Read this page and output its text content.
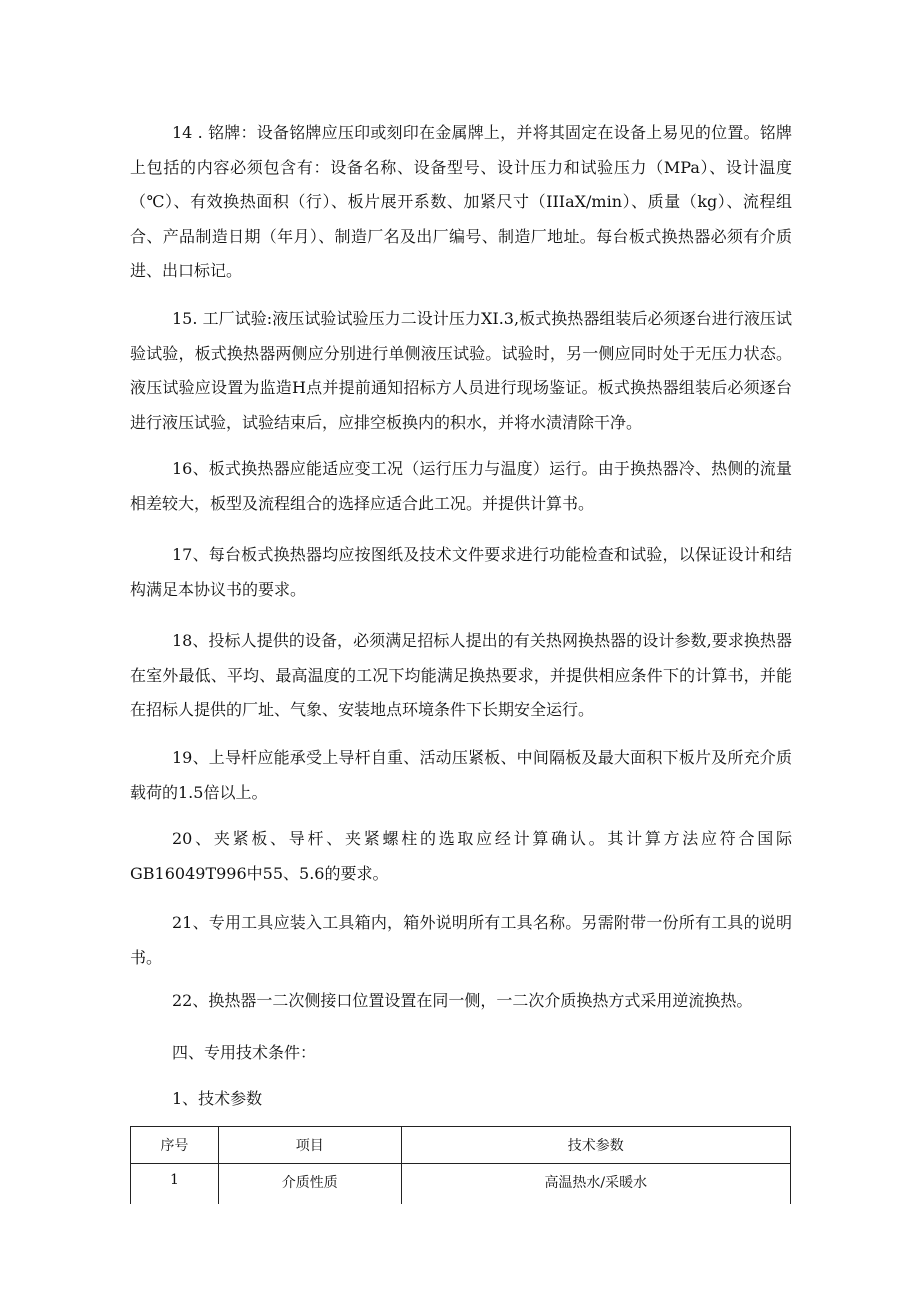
14 . 铭牌：设备铭牌应压印或刻印在金属牌上，并将其固定在设备上易见的位置。铭牌上包括的内容必须包含有：设备名称、设备型号、设计压力和试验压力（MPa）、设计温度（℃）、有效换热面积（行）、板片展开系数、加紧尺寸（IIIaX/min）、质量（kg）、流程组合、产品制造日期（年月）、制造厂名及出厂编号、制造厂地址。每台板式换热器必须有介质进、出口标记。

15. 工厂试验:液压试验试验压力二设计压力XI.3,板式换热器组装后必须逐台进行液压试验试验，板式换热器两侧应分别进行单侧液压试验。试验时，另一侧应同时处于无压力状态。液压试验应设置为监造H点并提前通知招标方人员进行现场鉴证。板式换热器组装后必须逐台进行液压试验，试验结束后，应排空板换内的积水，并将水渍清除干净。

16、板式换热器应能适应变工况（运行压力与温度）运行。由于换热器冷、热侧的流量相差较大，板型及流程组合的选择应适合此工况。并提供计算书。

17、每台板式换热器均应按图纸及技术文件要求进行功能检查和试验，以保证设计和结构满足本协议书的要求。

18、投标人提供的设备，必须满足招标人提出的有关热网换热器的设计参数,要求换热器在室外最低、平均、最高温度的工况下均能满足换热要求，并提供相应条件下的计算书，并能在招标人提供的厂址、气象、安装地点环境条件下长期安全运行。

19、上导杆应能承受上导杆自重、活动压紧板、中间隔板及最大面积下板片及所充介质载荷的1.5倍以上。

20、夹紧板、导杆、夹紧螺柱的选取应经计算确认。其计算方法应符合国际GB16049T996中55、5.6的要求。

21、专用工具应装入工具箱内，箱外说明所有工具名称。另需附带一份所有工具的说明书。

22、换热器一二次侧接口位置设置在同一侧，一二次介质换热方式采用逆流换热。

四、专用技术条件：

1、技术参数

序号	项目	技术参数
1	介质性质	高温热水/采暖水
